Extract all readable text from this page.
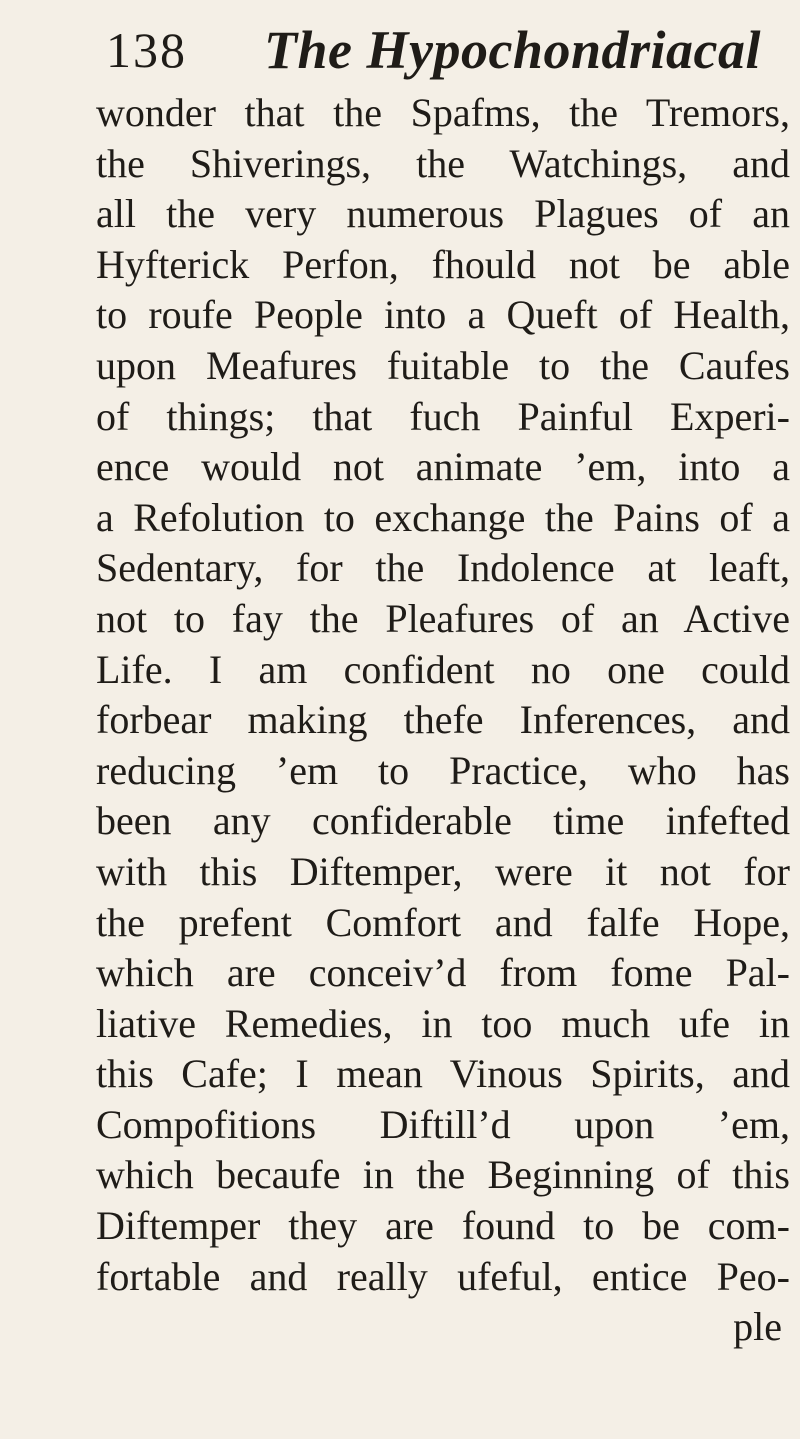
138 The Hypochondriacal
wonder that the Spafms, the Tremors,
the Shiverings, the Watchings, and
all the very numerous Plagues of an
Hyfterick Perfon, fhould not be able
to roufe People into a Queft of Health,
upon Meafures fuitable to the Caufes
of things; that fuch Painful Experi-
ence would not animate ’em, into a
a Refolution to exchange the Pains of a
Sedentary, for the Indolence at leaft,
not to fay the Pleafures of an Active
Life. I am confident no one could
forbear making thefe Inferences, and
reducing ’em to Practice, who has
been any confiderable time infefted
with this Diftemper, were it not for
the prefent Comfort and falfe Hope,
which are conceiv’d from fome Pal-
liative Remedies, in too much ufe in
this Cafe; I mean Vinous Spirits, and
Compofitions Diftill’d upon ’em,
which becaufe in the Beginning of this
Diftemper they are found to be com-
fortable and really ufeful, entice Peo-
ple
